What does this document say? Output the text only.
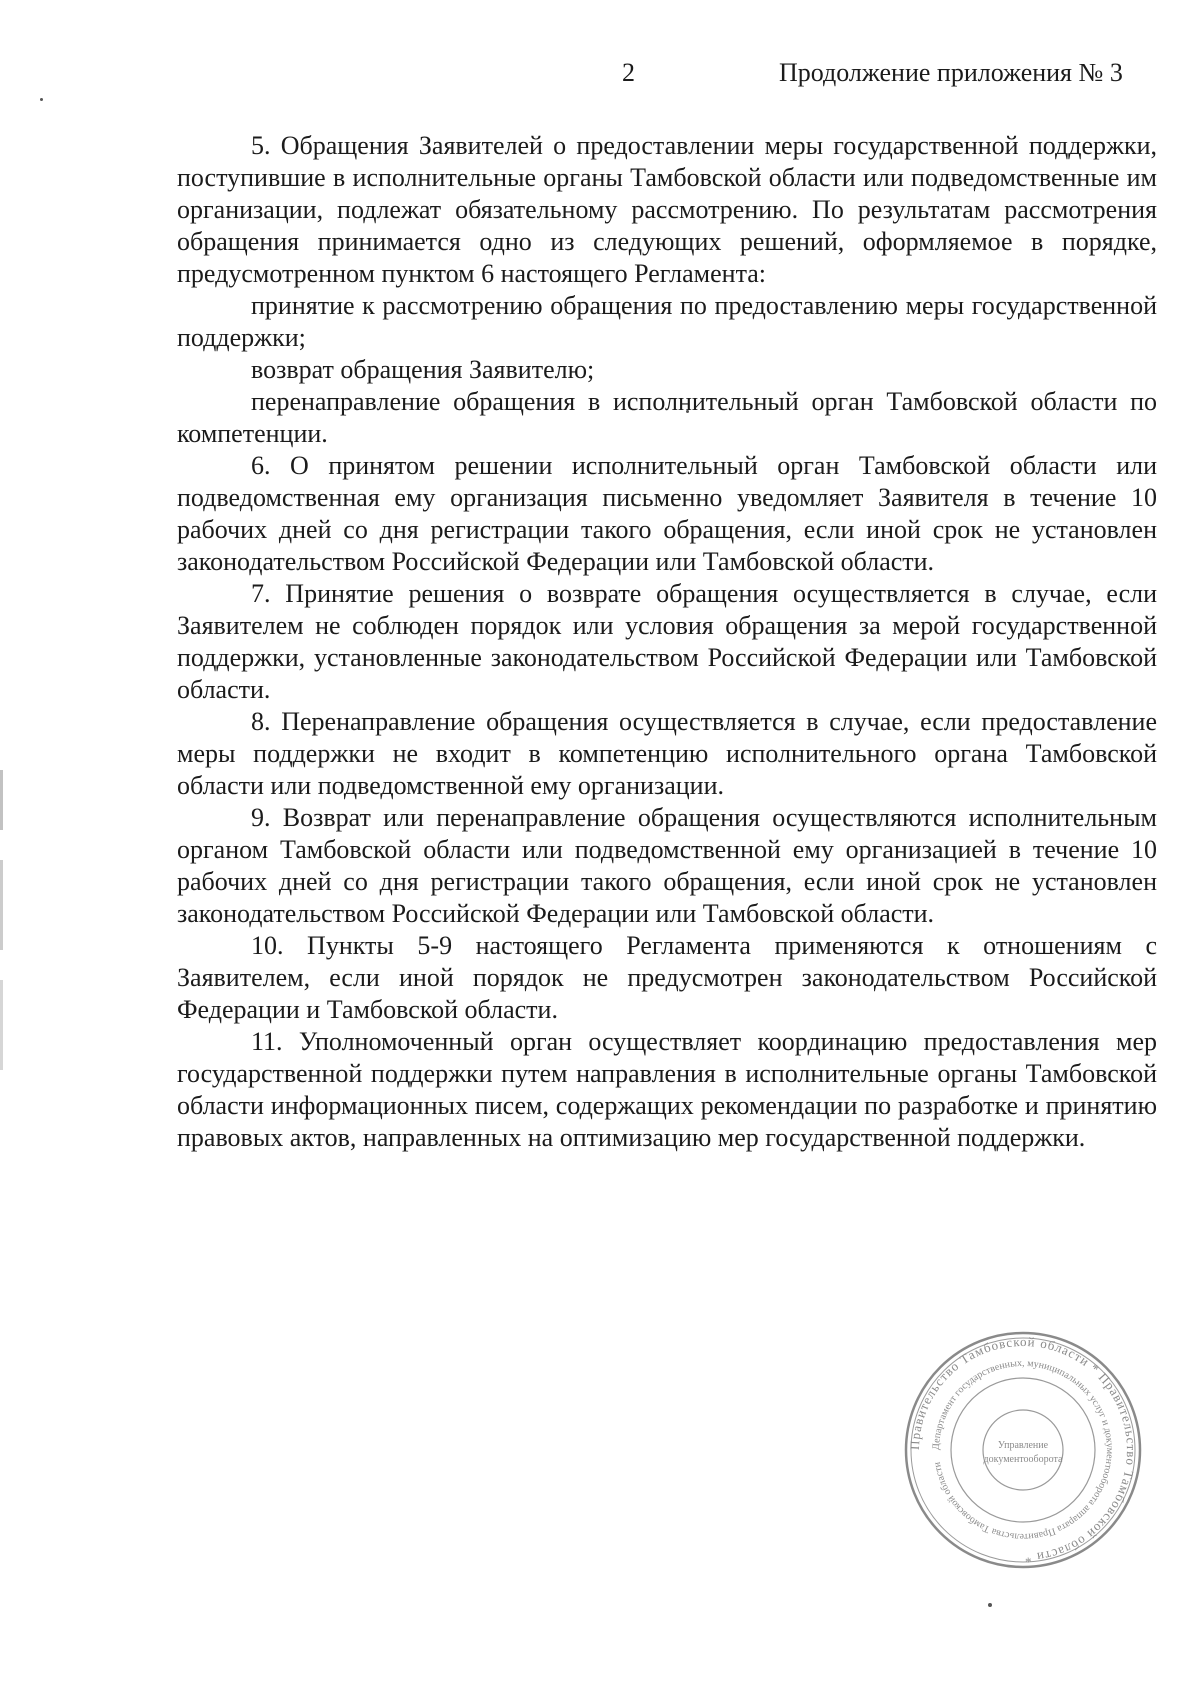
2	Продолжение приложения № 3

5. Обращения Заявителей о предоставлении меры государственной поддержки, поступившие в исполнительные органы Тамбовской области или подведомственные им организации, подлежат обязательному рассмотрению. По результатам рассмотрения обращения принимается одно из следующих решений, оформляемое в порядке, предусмотренном пунктом 6 настоящего Регламента:

принятие к рассмотрению обращения по предоставлению меры государственной поддержки;

возврат обращения Заявителю;

перенаправление обращения в исполнительный орган Тамбовской области по компетенции.

6. О принятом решении исполнительный орган Тамбовской области или подведомственная ему организация письменно уведомляет Заявителя в течение 10 рабочих дней со дня регистрации такого обращения, если иной срок не установлен законодательством Российской Федерации или Тамбовской области.

7. Принятие решения о возврате обращения осуществляется в случае, если Заявителем не соблюден порядок или условия обращения за мерой государственной поддержки, установленные законодательством Российской Федерации или Тамбовской области.

8. Перенаправление обращения осуществляется в случае, если предоставление меры поддержки не входит в компетенцию исполнительного органа Тамбовской области или подведомственной ему организации.

9. Возврат или перенаправление обращения осуществляются исполнительным органом Тамбовской области или подведомственной ему организацией в течение 10 рабочих дней со дня регистрации такого обращения, если иной срок не установлен законодательством Российской Федерации или Тамбовской области.

10. Пункты 5-9 настоящего Регламента применяются к отношениям с Заявителем, если иной порядок не предусмотрен законодательством Российской Федерации и Тамбовской области.

11. Уполномоченный орган осуществляет координацию предоставления мер государственной поддержки путем направления в исполнительные органы Тамбовской области информационных писем, содержащих рекомендации по разработке и принятию правовых актов, направленных на оптимизацию мер государственной поддержки.

Правительство Тамбовской области * Правительство Тамбовской области *
Департамент государственных, муниципальных услуг и документооборота аппарата Правительства Тамбовской области
Управление
документооборота
